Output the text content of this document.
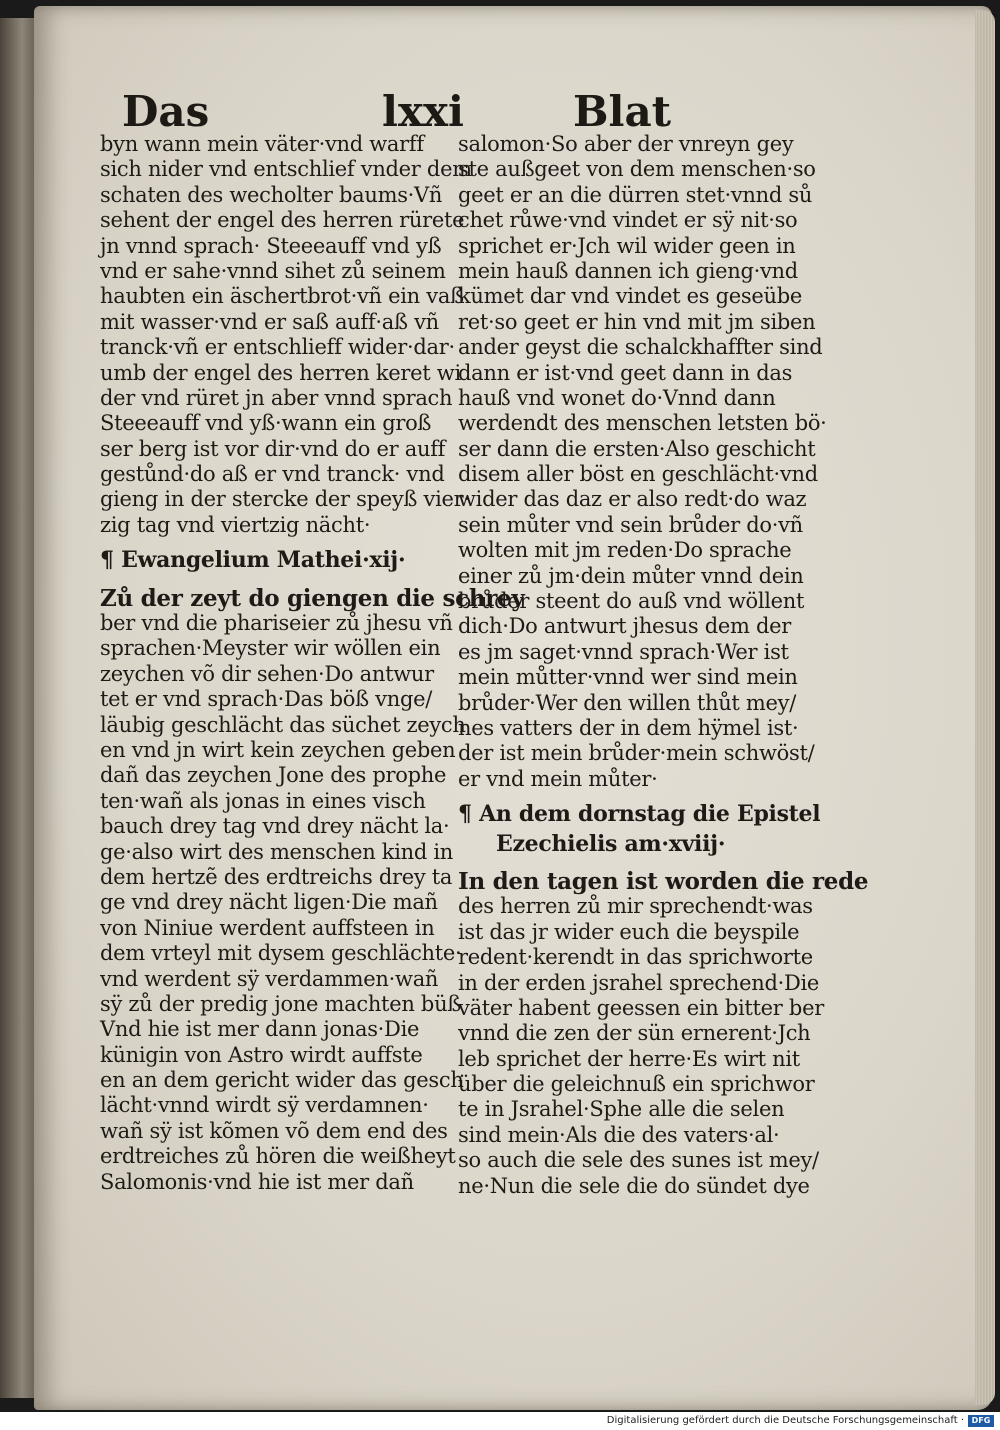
Das	lxxi	Blat
byn wann mein väter·vnd warff
sich nider vnd entschlief vnder dem
schaten des wecholter baums·Vñ
sehent der engel des herren rürete
jn vnnd sprach· Steeeauff vnd yß
vnd er sahe·vnnd sihet zů seinem
haubten ein äschertbrot·vñ ein vaß
mit wasser·vnd er saß auff·aß vñ
tranck·vñ er entschlieff wider·dar·
umb der engel des herren keret wi
der vnd rüret jn aber vnnd sprach
Steeeauff vnd yß·wann ein groß
ser berg ist vor dir·vnd do er auff
gestůnd·do aß er vnd tranck· vnd
gieng in der stercke der speyß vier·
zig tag vnd viertzig nächt·
¶ Ewangelium Mathei·xij·
Zů der zeyt do giengen die schrey
ber vnd die phariseier zů jhesu vñ
sprachen·Meyster wir wöllen ein
zeychen võ dir sehen·Do antwur
tet er vnd sprach·Das böß vnge/
läubig geschlächt das süchet zeych
en vnd jn wirt kein zeychen geben
dañ das zeychen Jone des prophe
ten·wañ als jonas in eines visch
bauch drey tag vnd drey nächt la·
ge·also wirt des menschen kind in
dem hertzẽ des erdtreichs drey ta
ge vnd drey nächt ligen·Die mañ
von Niniue werdent auffsteen in
dem vrteyl mit dysem geschlächte·
vnd werdent sÿ verdammen·wañ
sÿ zů der predig jone machten büß
Vnd hie ist mer dann jonas·Die
künigin von Astro wirdt auffste
en an dem gericht wider das gesch
lächt·vnnd wirdt sÿ verdamnen·
wañ sÿ ist kõmen võ dem end des
erdtreiches zů hören die weißheyt
Salomonis·vnd hie ist mer dañ
salomon·So aber der vnreyn gey
ste außgeet von dem menschen·so
geet er an die dürren stet·vnnd sů
chet růwe·vnd vindet er sÿ nit·so
sprichet er·Jch wil wider geen in
mein hauß dannen ich gieng·vnd
kümet dar vnd vindet es geseübe
ret·so geet er hin vnd mit jm siben
ander geyst die schalckhaffter sind
dann er ist·vnd geet dann in das
hauß vnd wonet do·Vnnd dann
werdendt des menschen letsten bö·
ser dann die ersten·Also geschicht
disem aller böst en geschlächt·vnd
wider das daz er also redt·do waz
sein můter vnd sein brůder do·vñ
wolten mit jm reden·Do sprache
einer zů jm·dein můter vnnd dein
brůder steent do auß vnd wöllent
dich·Do antwurt jhesus dem der
es jm saget·vnnd sprach·Wer ist
mein můtter·vnnd wer sind mein
brůder·Wer den willen thůt mey/
nes vatters der in dem hÿmel ist·
der ist mein brůder·mein schwöst/
er vnd mein můter·
¶ An dem dornstag die Epistel
Ezechielis am·xviij·
In den tagen ist worden die rede
des herren zů mir sprechendt·was
ist das jr wider euch die beyspile
redent·kerendt in das sprichworte
in der erden jsrahel sprechend·Die
väter habent geessen ein bitter ber
vnnd die zen der sün ernerent·Jch
leb sprichet der herre·Es wirt nit
über die geleichnuß ein sprichwor
te in Jsrahel·Sphe alle die selen
sind mein·Als die des vaters·al·
so auch die sele des sunes ist mey/
ne·Nun die sele die do sündet dye
Digitalisierung gefördert durch die Deutsche Forschungsgemeinschaft · DFG
